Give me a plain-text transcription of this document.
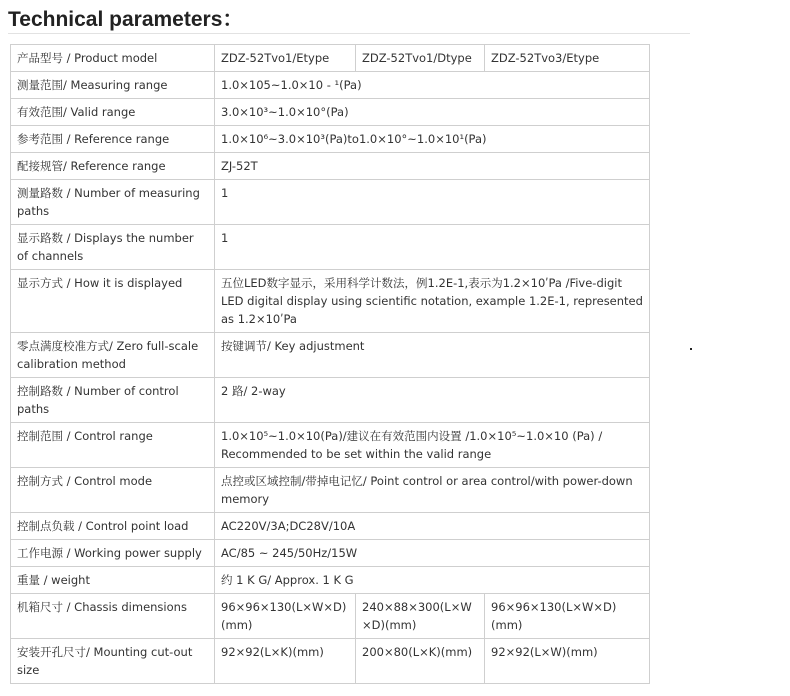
Technical parameters：
产品型号 / Product model	ZDZ-52Tvo1/Etype	ZDZ-52Tvo1/Dtype	ZDZ-52Tvo3/Etype
测量范围/ Measuring range	1.0×105~1.0×10 - ¹(Pa)		
有效范围/ Valid range	3.0×10³~1.0×10°(Pa)		
参考范围 / Reference range	1.0×10⁶~3.0×10³(Pa)to1.0×10°~1.0×10¹(Pa)		
配接规管/ Reference range	ZJ-52T		
测量路数 / Number of measuring paths	1		
显示路数 / Displays the number of channels	1		
显示方式 / How it is displayed	五位LED数字显示，采用科学计数法，例1.2E-1,表示为1.2×10ʹPa /Five-digit LED digital display using scientific notation, example 1.2E-1, represented as 1.2×10ʹPa		
零点满度校准方式/ Zero full-scale calibration method	按键调节/ Key adjustment		
控制路数 / Number of control paths	2 路/ 2-way		
控制范围 / Control range	1.0×10⁵~1.0×10(Pa)/建议在有效范围内设置 /1.0×10⁵~1.0×10 (Pa) / Recommended to be set within the valid range		
控制方式 / Control mode	点控或区域控制/带掉电记忆/ Point control or area control/with power-down memory		
控制点负载 / Control point load	AC220V/3A;DC28V/10A		
工作电源 / Working power supply	AC/85 ~ 245/50Hz/15W		
重量 / weight	约 1 K G/ Approx. 1 K G		
机箱尺寸 / Chassis dimensions	96×96×130(L×W×D)(mm)	240×88×300(L×W×D)(mm)	96×96×130(L×W×D)(mm)
安装开孔尺寸/ Mounting cut-out size	92×92(L×K)(mm)	200×80(L×K)(mm)	92×92(L×W)(mm)
